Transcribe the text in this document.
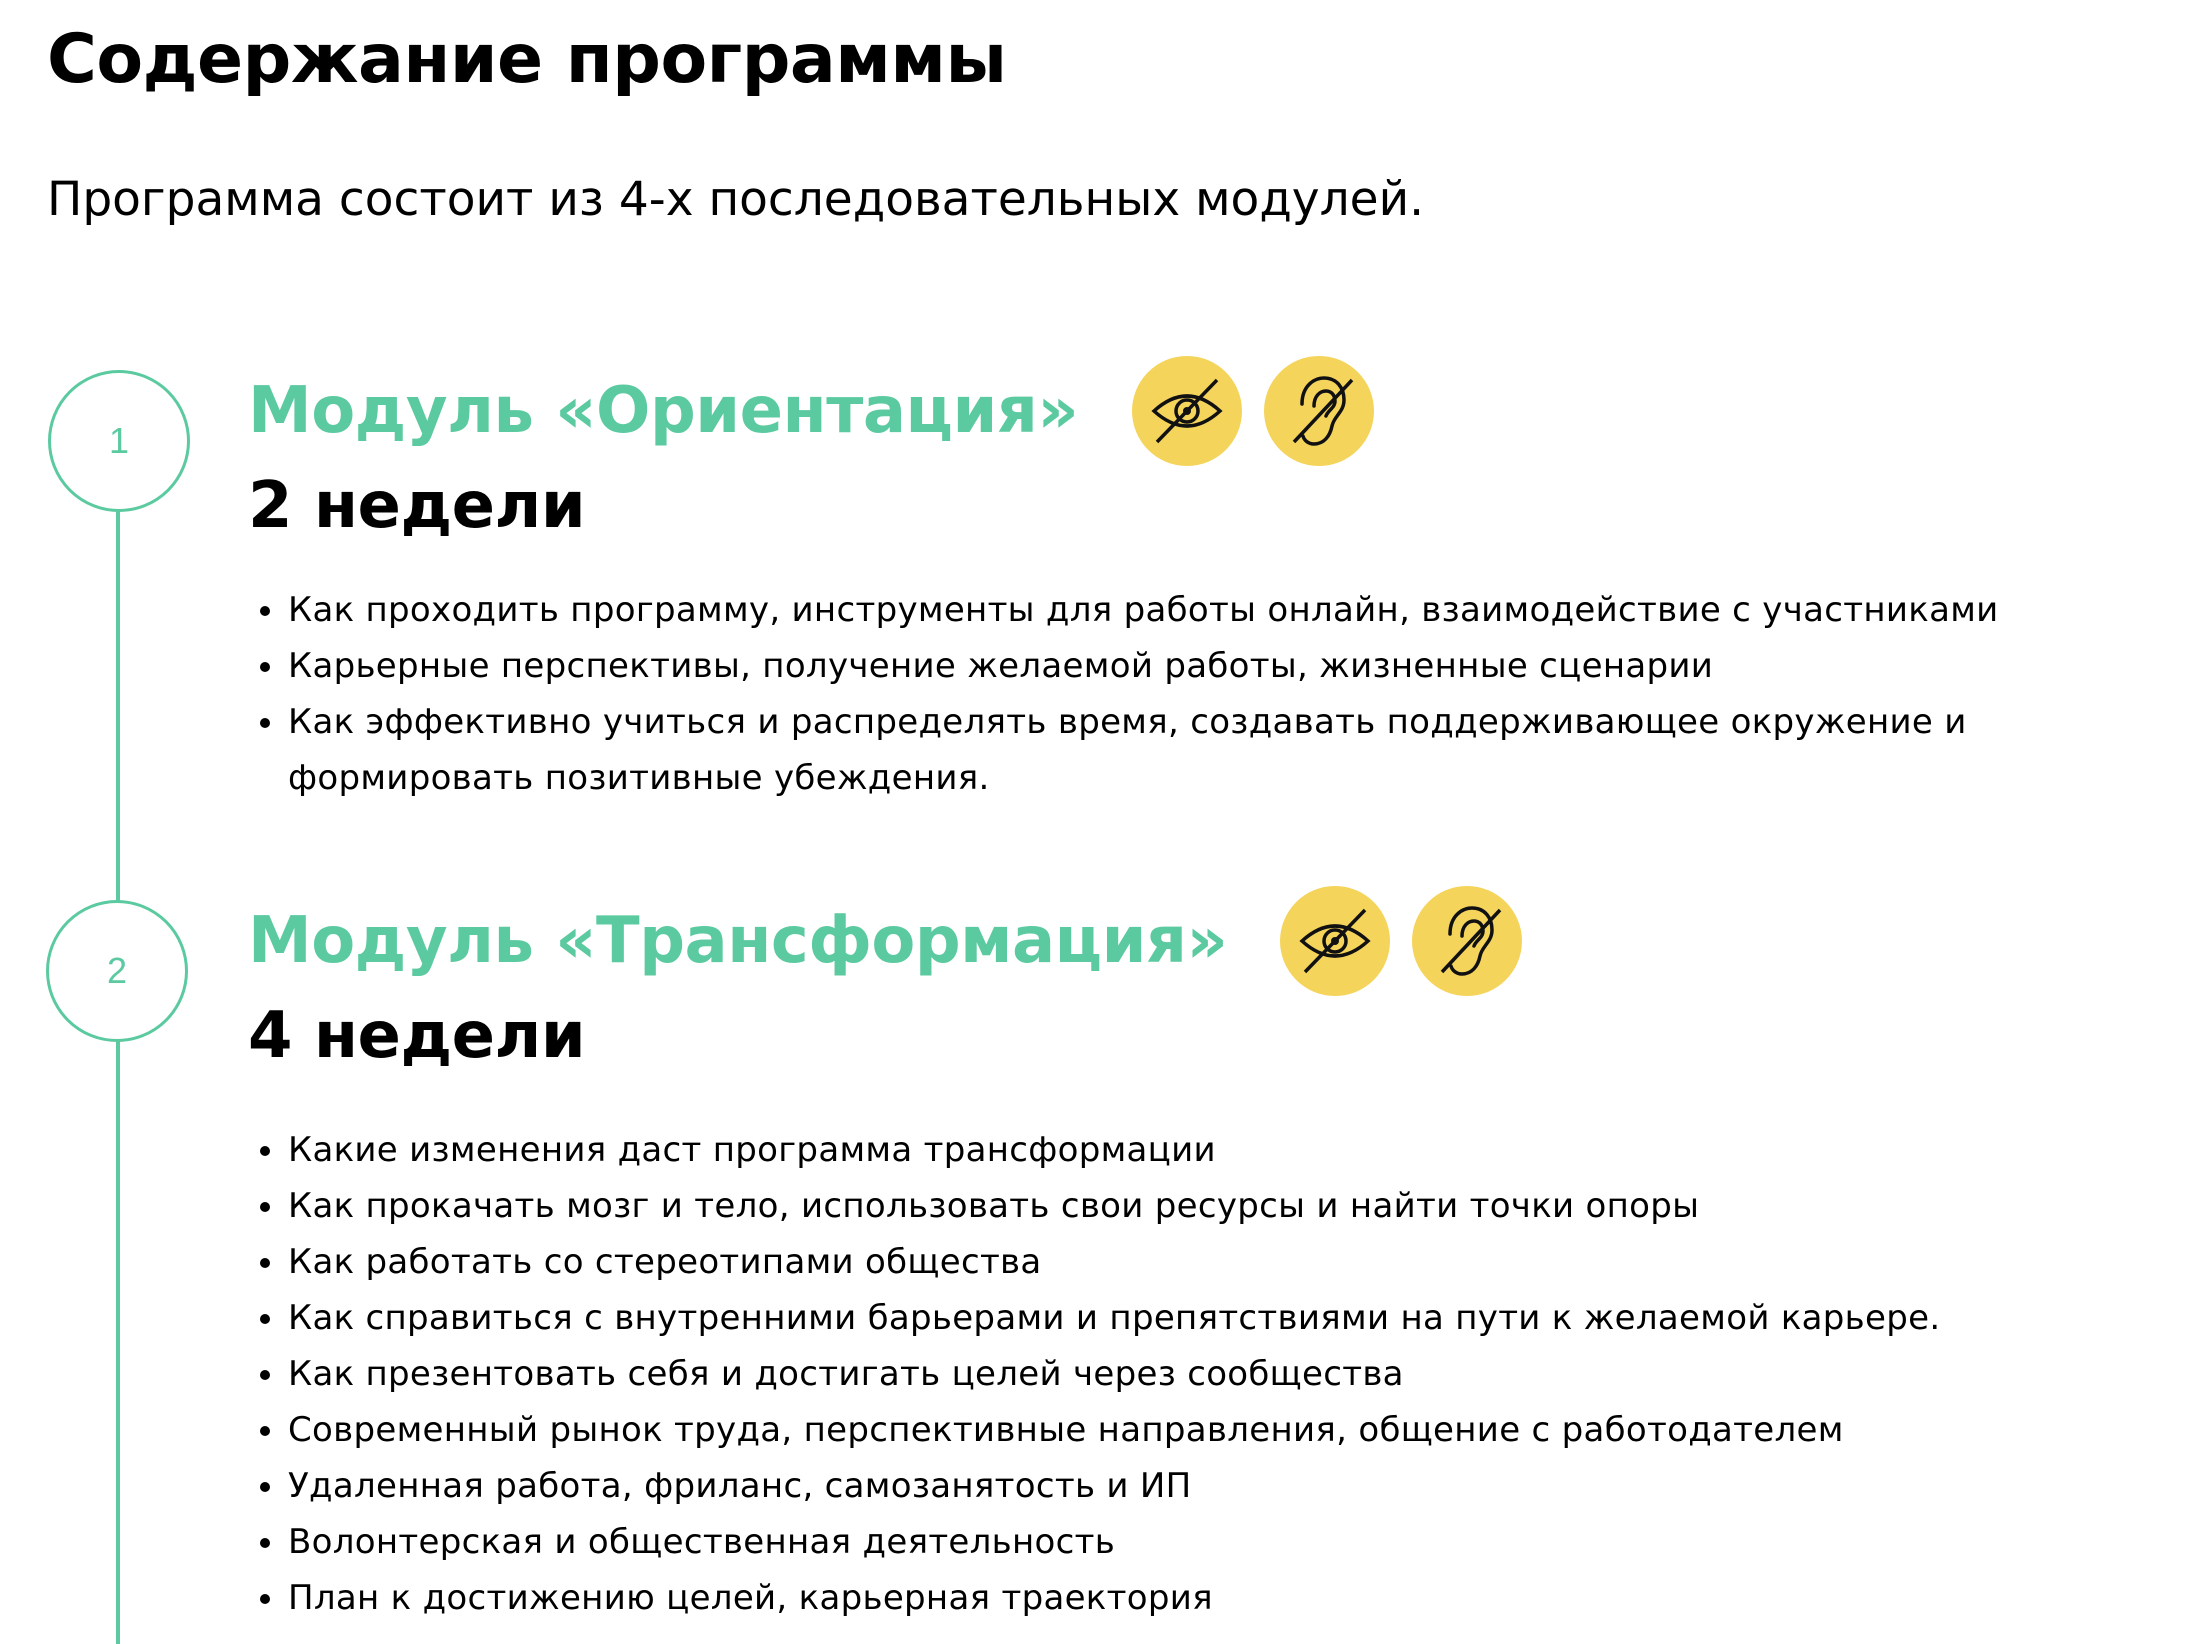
Содержание программы

Программа состоит из 4-х последовательных модулей.

1	Модуль «Ориентация»
2 недели
Как проходить программу, инструменты для работы онлайн, взаимодействие с участниками
Карьерные перспективы, получение желаемой работы, жизненные сценарии
Как эффективно учиться и распределять время, создавать поддерживающее окружение и формировать позитивные убеждения.
2	Модуль «Трансформация»
4 недели
Какие изменения даст программа трансформации
Как прокачать мозг и тело, использовать свои ресурсы и найти точки опоры
Как работать со стереотипами общества
Как справиться с внутренними барьерами и препятствиями на пути к желаемой карьере.
Как презентовать себя и достигать целей через сообщества
Современный рынок труда, перспективные направления, общение с работодателем
Удаленная работа, фриланс, самозанятость и ИП
Волонтерская и общественная деятельность
План к достижению целей, карьерная траектория
